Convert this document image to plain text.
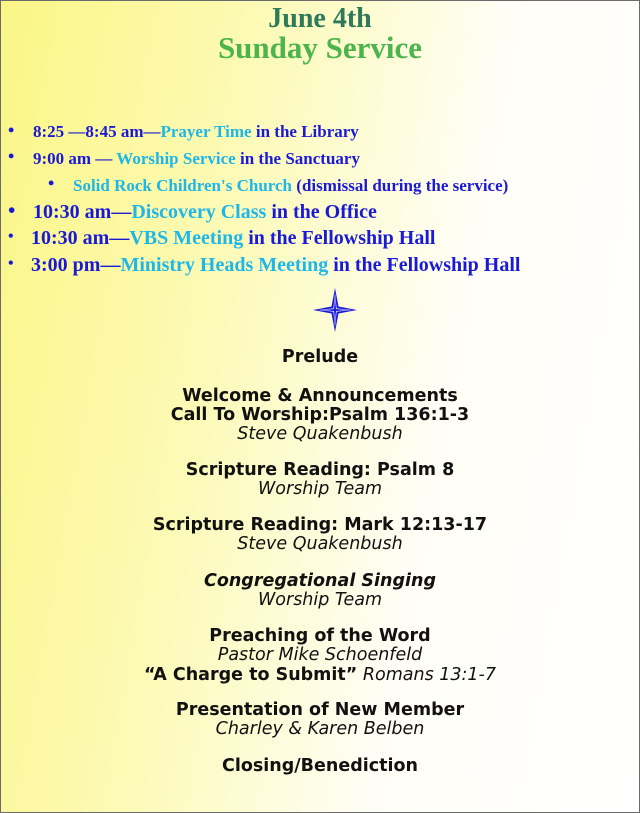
June 4th
Sunday Service
• 8:25 —8:45 am—Prayer Time in the Library
• 9:00 am — Worship Service in the Sanctuary
• Solid Rock Children's Church (dismissal during the service)
• 10:30 am—Discovery Class in the Office
• 10:30 am—VBS Meeting in the Fellowship Hall
• 3:00 pm—Ministry Heads Meeting in the Fellowship Hall
Prelude
Welcome & Announcements
Call To Worship:Psalm 136:1-3
Steve Quakenbush
Scripture Reading: Psalm 8
Worship Team
Scripture Reading: Mark 12:13-17
Steve Quakenbush
Congregational Singing
Worship Team
Preaching of the Word
Pastor Mike Schoenfeld
“A Charge to Submit” Romans 13:1-7
Presentation of New Member
Charley & Karen Belben
Closing/Benediction
